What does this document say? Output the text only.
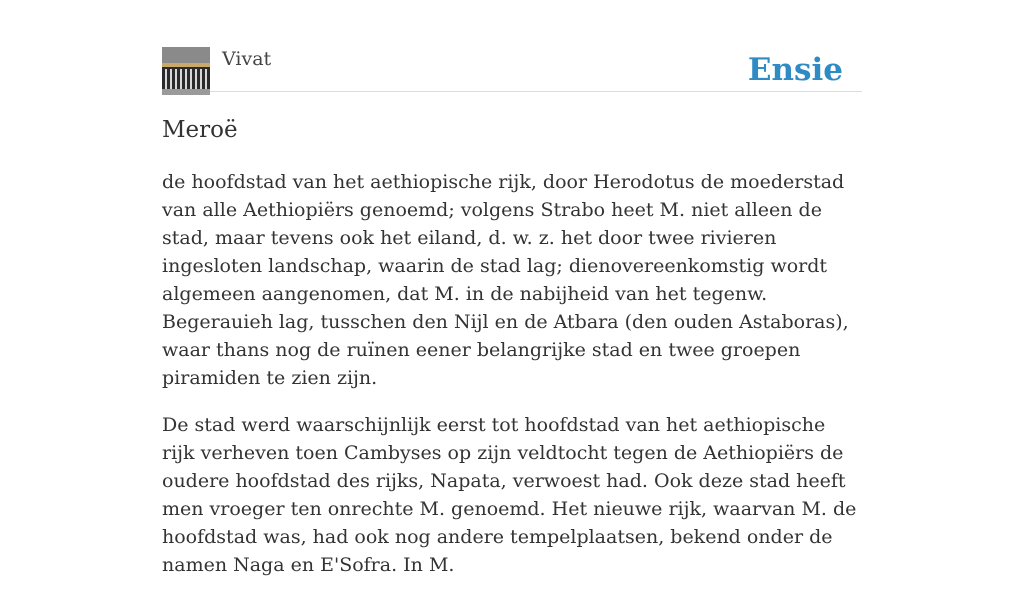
Vivat	Ensie
Meroë

de hoofdstad van het aethiopische rijk, door Herodotus de moederstad van alle Aethiopiërs genoemd; volgens Strabo heet M. niet alleen de stad, maar tevens ook het eiland, d. w. z. het door twee rivieren ingesloten landschap, waarin de stad lag; dienovereenkomstig wordt algemeen aangenomen, dat M. in de nabijheid van het tegenw. Begerauieh lag, tusschen den Nijl en de Atbara (den ouden Astaboras), waar thans nog de ruïnen eener belangrijke stad en twee groepen piramiden te zien zijn.

De stad werd waarschijnlijk eerst tot hoofdstad van het aethiopische rijk verheven toen Cambyses op zijn veldtocht tegen de Aethiopiërs de oudere hoofdstad des rijks, Napata, verwoest had. Ook deze stad heeft men vroeger ten onrechte M. genoemd. Het nieuwe rijk, waarvan M. de hoofdstad was, had ook nog andere tempelplaatsen, bekend onder de namen Naga en E'Sofra. In M.
